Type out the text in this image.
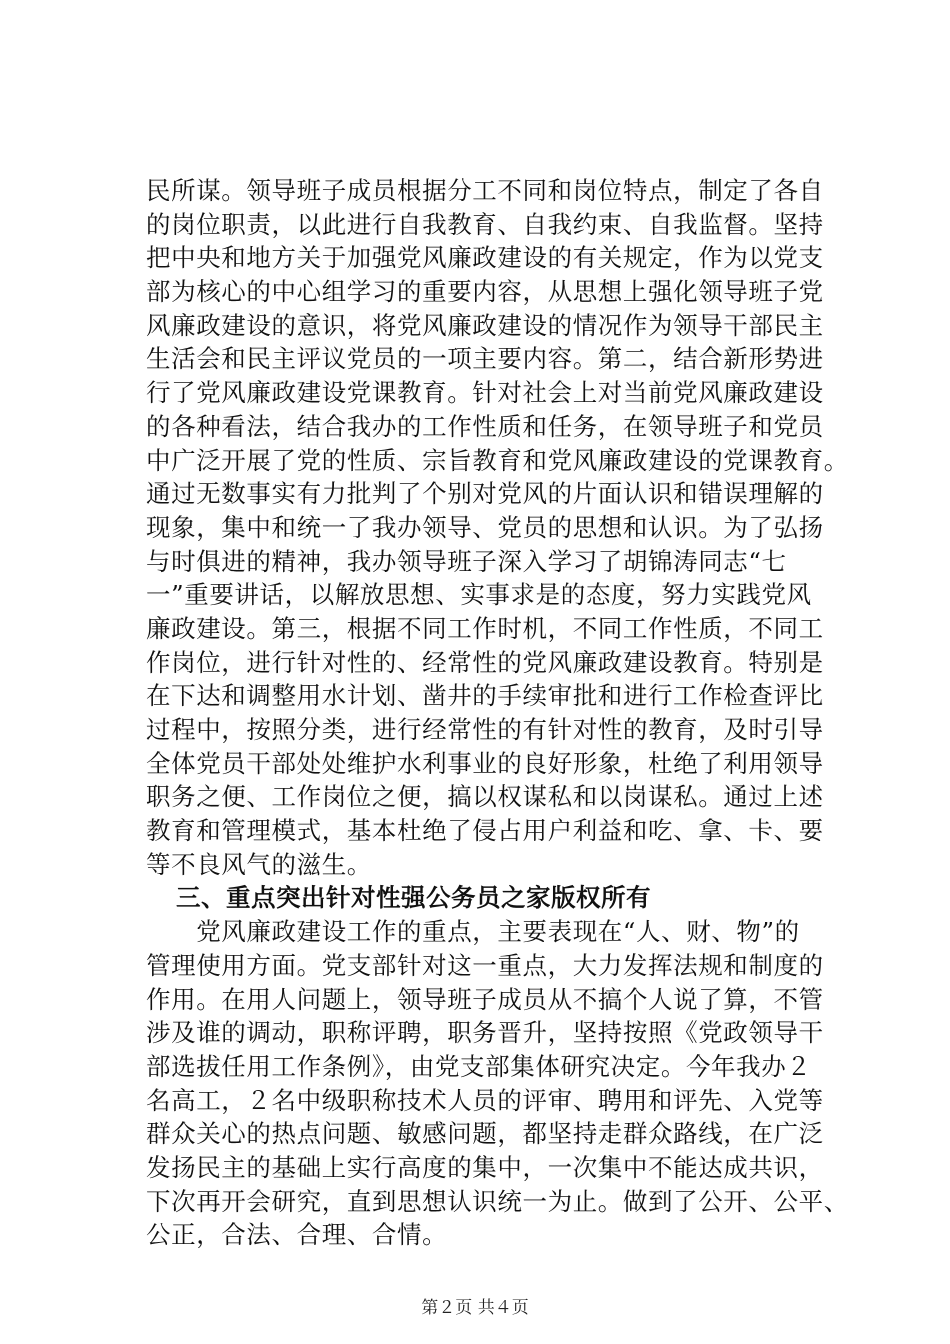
民所谋。领导班子成员根据分工不同和岗位特点，制定了各自
的岗位职责，以此进行自我教育、自我约束、自我监督。坚持
把中央和地方关于加强党风廉政建设的有关规定，作为以党支
部为核心的中心组学习的重要内容，从思想上强化领导班子党
风廉政建设的意识，将党风廉政建设的情况作为领导干部民主
生活会和民主评议党员的一项主要内容。第二，结合新形势进
行了党风廉政建设党课教育。针对社会上对当前党风廉政建设
的各种看法，结合我办的工作性质和任务，在领导班子和党员
中广泛开展了党的性质、宗旨教育和党风廉政建设的党课教育。
通过无数事实有力批判了个别对党风的片面认识和错误理解的
现象，集中和统一了我办领导、党员的思想和认识。为了弘扬
与时俱进的精神，我办领导班子深入学习了胡锦涛同志“七
一”重要讲话，以解放思想、实事求是的态度，努力实践党风
廉政建设。第三，根据不同工作时机，不同工作性质，不同工
作岗位，进行针对性的、经常性的党风廉政建设教育。特别是
在下达和调整用水计划、凿井的手续审批和进行工作检查评比
过程中，按照分类，进行经常性的有针对性的教育，及时引导
全体党员干部处处维护水利事业的良好形象，杜绝了利用领导
职务之便、工作岗位之便，搞以权谋私和以岗谋私。通过上述
教育和管理模式，基本杜绝了侵占用户利益和吃、拿、卡、要
等不良风气的滋生。
三、重点突出针对性强公务员之家版权所有
　　党风廉政建设工作的重点，主要表现在“人、财、物”的
管理使用方面。党支部针对这一重点，大力发挥法规和制度的
作用。在用人问题上，领导班子成员从不搞个人说了算，不管
涉及谁的调动，职称评聘，职务晋升，坚持按照《党政领导干
部选拔任用工作条例》，由党支部集体研究决定。今年我办２
名高工，２名中级职称技术人员的评审、聘用和评先、入党等
群众关心的热点问题、敏感问题，都坚持走群众路线，在广泛
发扬民主的基础上实行高度的集中，一次集中不能达成共识，
下次再开会研究，直到思想认识统一为止。做到了公开、公平、
公正，合法、合理、合情。
第２页 共４页
